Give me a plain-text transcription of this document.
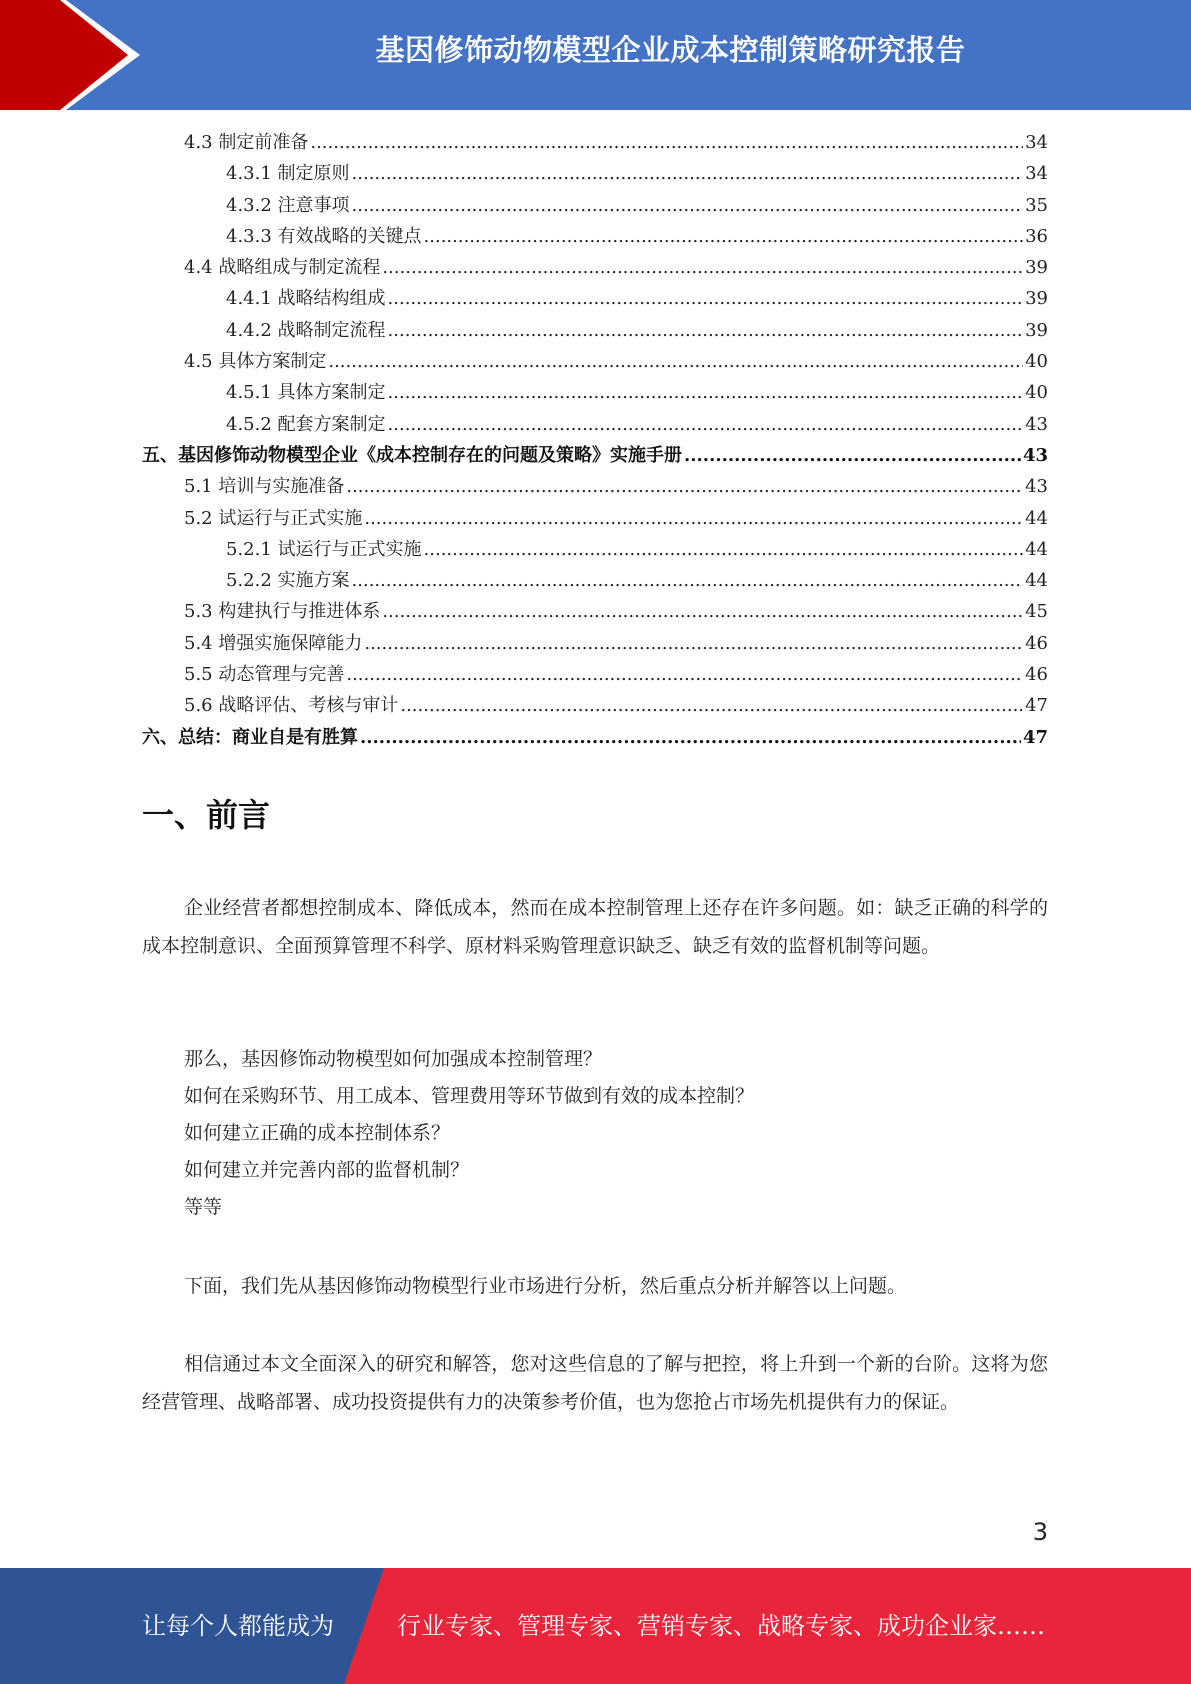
基因修饰动物模型企业成本控制策略研究报告
4.3 制定前准备 .....	34
4.3.1 制定原则 .....	34
4.3.2 注意事项 .....	35
4.3.3 有效战略的关键点 .....	36
4.4 战略组成与制定流程 .....	39
4.4.1 战略结构组成 .....	39
4.4.2 战略制定流程 .....	39
4.5 具体方案制定 .....	40
4.5.1 具体方案制定 .....	40
4.5.2 配套方案制定 .....	43
五、基因修饰动物模型企业《成本控制存在的问题及策略》实施手册 .....	43
5.1 培训与实施准备 .....	43
5.2 试运行与正式实施 .....	44
5.2.1 试运行与正式实施 .....	44
5.2.2 实施方案 .....	44
5.3 构建执行与推进体系 .....	45
5.4 增强实施保障能力 .....	46
5.5 动态管理与完善 .....	46
5.6 战略评估、考核与审计 .....	47
六、总结：商业自是有胜算 .....	47
一、前言

企业经营者都想控制成本、降低成本，然而在成本控制管理上还存在许多问题。如：缺乏正确的科学的成本控制意识、全面预算管理不科学、原材料采购管理意识缺乏、缺乏有效的监督机制等问题。

那么，基因修饰动物模型如何加强成本控制管理？
如何在采购环节、用工成本、管理费用等环节做到有效的成本控制？
如何建立正确的成本控制体系？
如何建立并完善内部的监督机制？
等等

下面，我们先从基因修饰动物模型行业市场进行分析，然后重点分析并解答以上问题。

相信通过本文全面深入的研究和解答，您对这些信息的了解与把控，将上升到一个新的台阶。这将为您经营管理、战略部署、成功投资提供有力的决策参考价值，也为您抢占市场先机提供有力的保证。

3
让每个人都能成为	行业专家、管理专家、营销专家、战略专家、成功企业家……
